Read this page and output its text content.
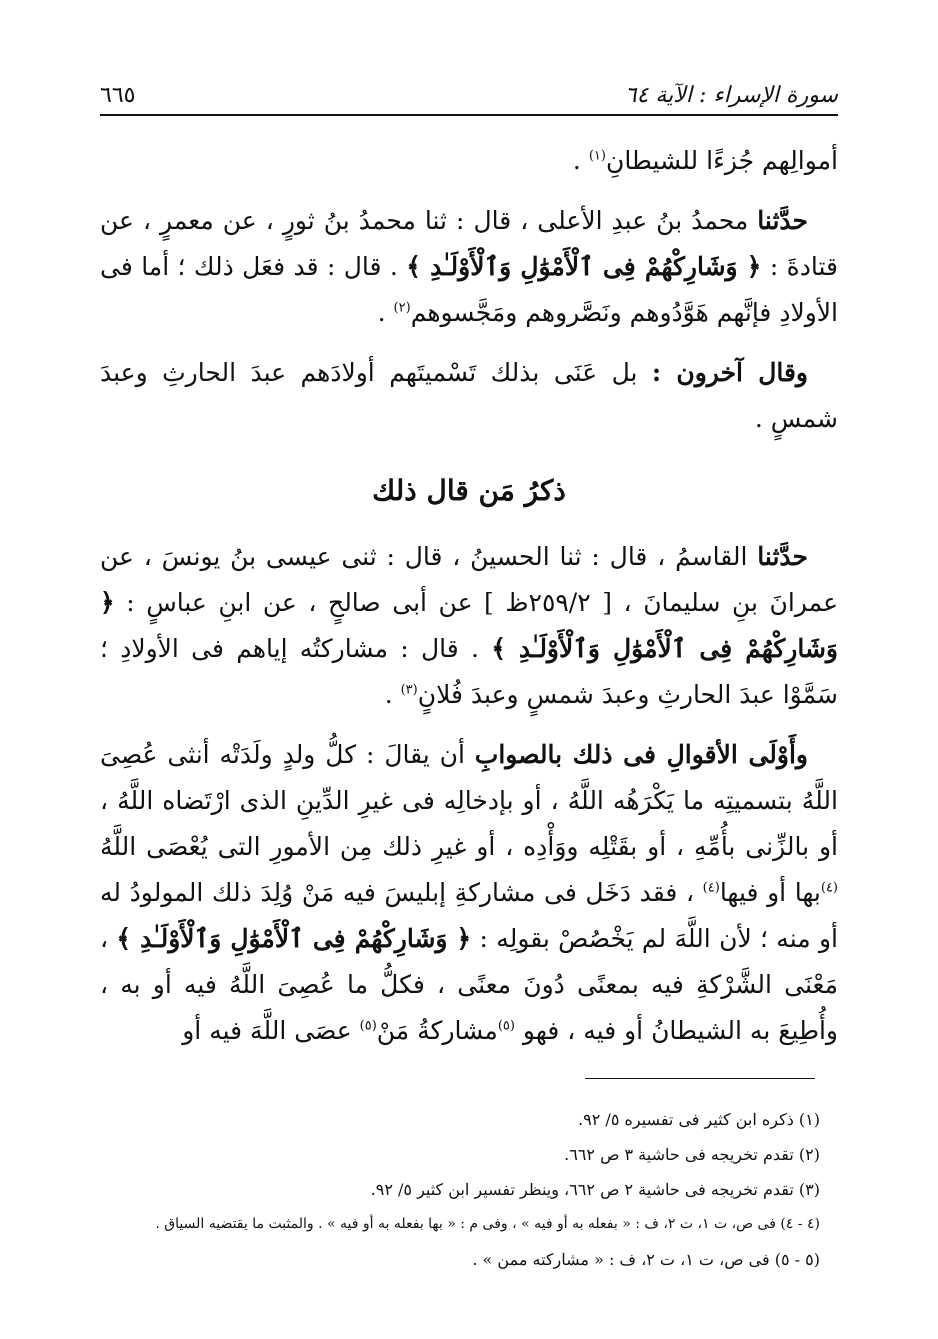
سورة الإسراء : الآية ٦٤
٦٦٥

أموالِهم جُزءًا للشيطانِ$^{(١)}$ .

حدَّثنا محمدُ بنُ عبدِ الأعلى ، قال : ثنا محمدُ بنُ ثورٍ ، عن معمرٍ ، عن قتادةَ : ﴿ وَشَارِكْهُمْ فِى ٱلْأَمْوَٰلِ وَٱلْأَوْلَـٰدِ ﴾ . قال : قد فعَل ذلك ؛ أما فى الأولادِ فإنَّهم هَوَّدُوهم ونَصَّروهم ومَجَّسوهم$^{(٢)}$ .

وقال آخرون : بل عَنَى بذلك تَسْميتَهم أولادَهم عبدَ الحارثِ وعبدَ شمسٍ .

ذكرُ مَن قال ذلك

حدَّثنا القاسمُ ، قال : ثنا الحسينُ ، قال : ثنى عيسى بنُ يونسَ ، عن عمرانَ بنِ سليمانَ ، [ ٢٥٩/٢ظ ] عن أبى صالحٍ ، عن ابنِ عباسٍ : ﴿ وَشَارِكْهُمْ فِى ٱلْأَمْوَٰلِ وَٱلْأَوْلَـٰدِ ﴾ . قال : مشاركتُه إياهم فى الأولادِ ؛ سَمَّوْا عبدَ الحارثِ وعبدَ شمسٍ وعبدَ فُلانٍ$^{(٣)}$ .

وأَوْلَى الأقوالِ فى ذلك بالصوابِ أن يقالَ : كلُّ ولدٍ ولَدَتْه أنثى عُصِىَ اللَّهُ بتسميتِه ما يَكْرَهُه اللَّهُ ، أو بإدخالِه فى غيرِ الدِّينِ الذى ارْتَضاه اللَّهُ ، أو بالزِّنى بأُمِّهِ ، أو بقَتْلِه ووَأْدِه ، أو غيرِ ذلك مِن الأمورِ التى يُعْصَى اللَّهُ $^{(٤)}$بها أو فيها$^{(٤)}$ ، فقد دَخَل فى مشاركةِ إبليسَ فيه مَنْ وُلِدَ ذلك المولودُ له أو منه ؛ لأن اللَّهَ لم يَخْصُصْ بقولِه : ﴿ وَشَارِكْهُمْ فِى ٱلْأَمْوَٰلِ وَٱلْأَوْلَـٰدِ ﴾ ، مَعْنَى الشَّرْكةِ فيه بمعنًى دُونَ معنًى ، فكلُّ ما عُصِىَ اللَّهُ فيه أو به ، وأُطِيعَ به الشيطانُ أو فيه ، فهو $^{(٥)}$مشاركةُ مَنْ$^{(٥)}$ عصَى اللَّهَ فيه أو

(١) ذكره ابن كثير فى تفسيره ٥/ ٩٢.
(٢) تقدم تخريجه فى حاشية ٣ ص ٦٦٢.
(٣) تقدم تخريجه فى حاشية ٢ ص ٦٦٢، وينظر تفسير ابن كثير ٥/ ٩٢.
(٤ - ٤) فى ص، ت ١، ت ٢، ف : « بفعله به أو فيه » ، وفى م : « بها بفعله به أو فيه » . والمثبت ما يقتضيه السياق .
(٥ - ٥) فى ص، ت ١، ت ٢، ف : « مشاركته ممن » .
